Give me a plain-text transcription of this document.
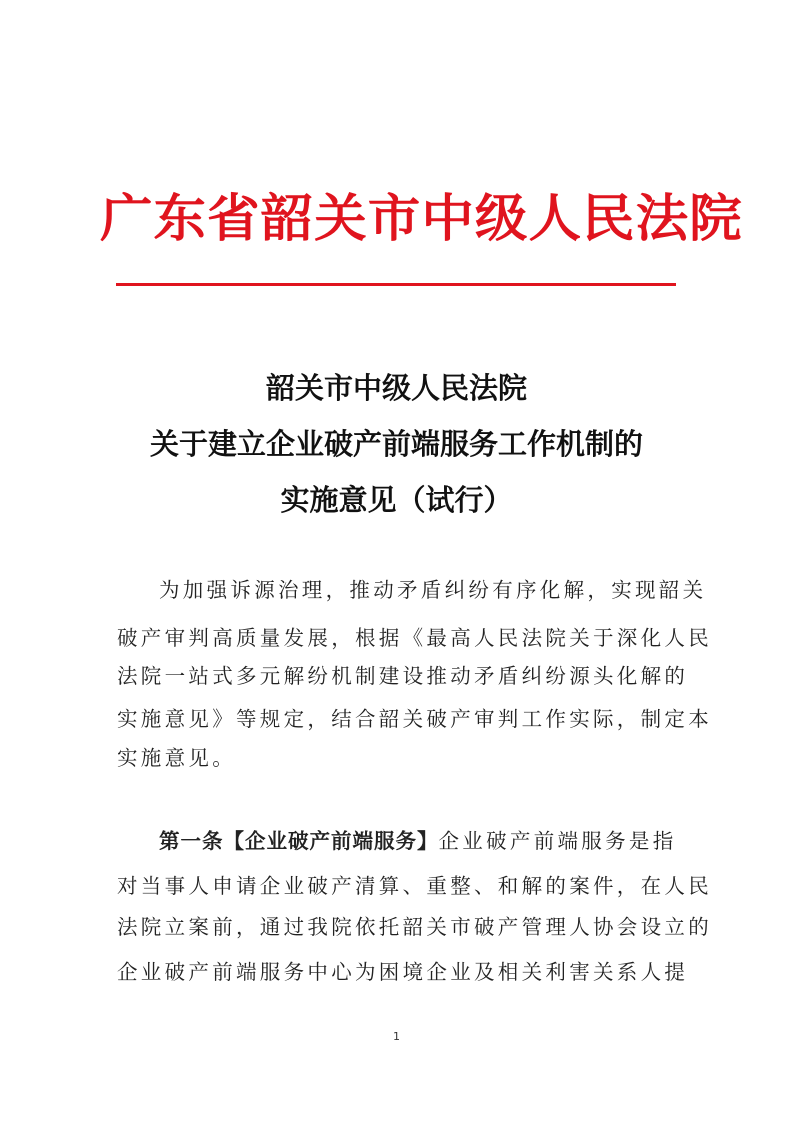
广东省韶关市中级人民法院
韶关市中级人民法院
关于建立企业破产前端服务工作机制的
实施意见（试行）
为加强诉源治理，推动矛盾纠纷有序化解，实现韶关
破产审判高质量发展，根据《最高人民法院关于深化人民
法院一站式多元解纷机制建设推动矛盾纠纷源头化解的
实施意见》等规定，结合韶关破产审判工作实际，制定本
实施意见。
第一条【企业破产前端服务】企业破产前端服务是指
对当事人申请企业破产清算、重整、和解的案件，在人民
法院立案前，通过我院依托韶关市破产管理人协会设立的
企业破产前端服务中心为困境企业及相关利害关系人提
1
